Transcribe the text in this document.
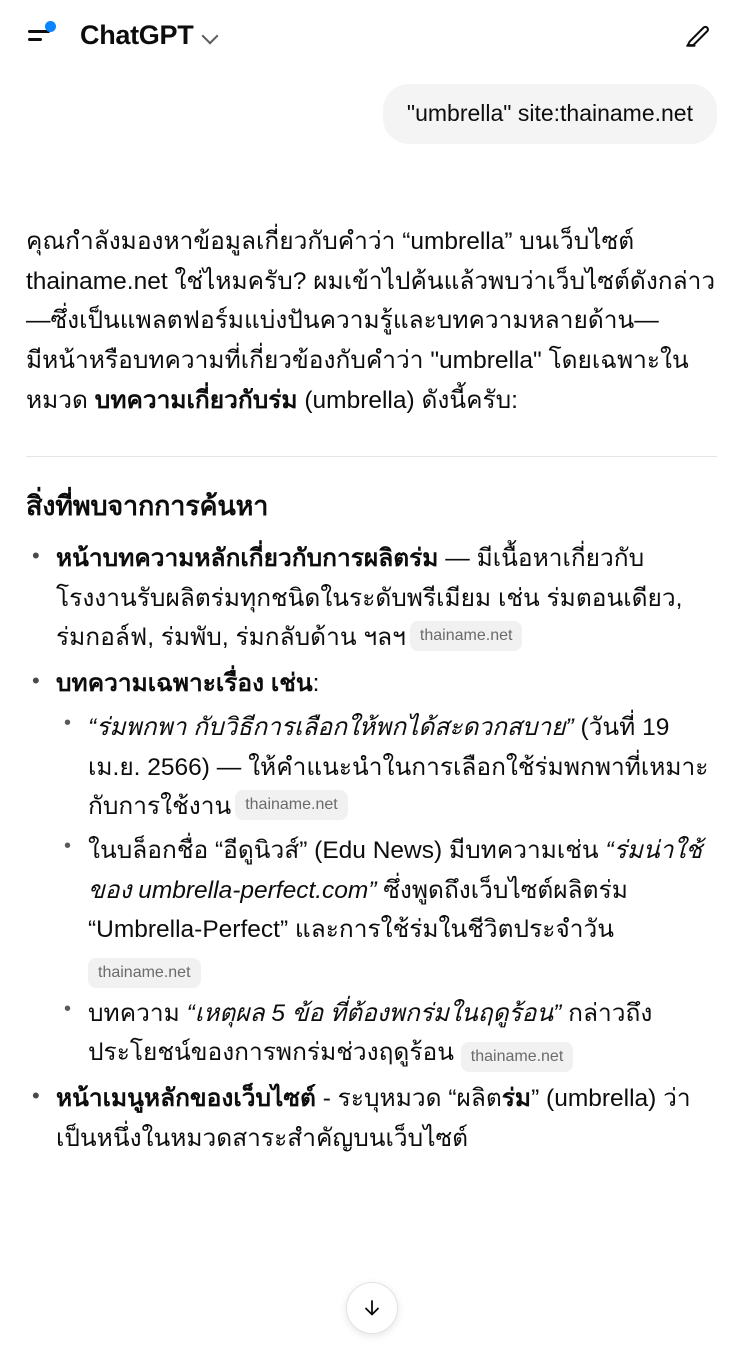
ChatGPT
"umbrella" site:thainame.net

คุณกำลังมองหาข้อมูลเกี่ยวกับคำว่า “umbrella” บนเว็บไซต์ thainame.net ใช่ไหมครับ? ผมเข้าไปค้นแล้วพบว่าเว็บไซต์ดังกล่าว—ซึ่งเป็นแพลตฟอร์มแบ่งปันความรู้และบทความหลายด้าน—มีหน้าหรือบทความที่เกี่ยวข้องกับคำว่า "umbrella" โดยเฉพาะในหมวด บทความเกี่ยวกับร่ม (umbrella) ดังนี้ครับ:

สิ่งที่พบจากการค้นหา
• หน้าบทความหลักเกี่ยวกับการผลิตร่ม — มีเนื้อหาเกี่ยวกับโรงงานรับผลิตร่มทุกชนิดในระดับพรีเมียม เช่น ร่มตอนเดียว, ร่มกอล์ฟ, ร่มพับ, ร่มกลับด้าน ฯลฯ thainame.net
• บทความเฉพาะเรื่อง เช่น:
• “ร่มพกพา กับวิธีการเลือกให้พกได้สะดวกสบาย” (วันที่ 19 เม.ย. 2566) — ให้คำแนะนำในการเลือกใช้ร่มพกพาที่เหมาะกับการใช้งาน thainame.net
• ในบล็อกชื่อ “อีดูนิวส์” (Edu News) มีบทความเช่น “ร่มน่าใช้ของ umbrella-perfect.com” ซึ่งพูดถึงเว็บไซต์ผลิตร่ม “Umbrella-Perfect” และการใช้ร่มในชีวิตประจำวัน thainame.net
• บทความ “เหตุผล 5 ข้อ ที่ต้องพกร่มในฤดูร้อน” กล่าวถึงประโยชน์ของการพกร่มช่วงฤดูร้อน thainame.net
• หน้าเมนูหลักของเว็บไซต์ - ระบุหมวด “ผลิตร่ม” (umbrella) ว่าเป็นหนึ่งในหมวดสาระสำคัญบนเว็บไซต์
